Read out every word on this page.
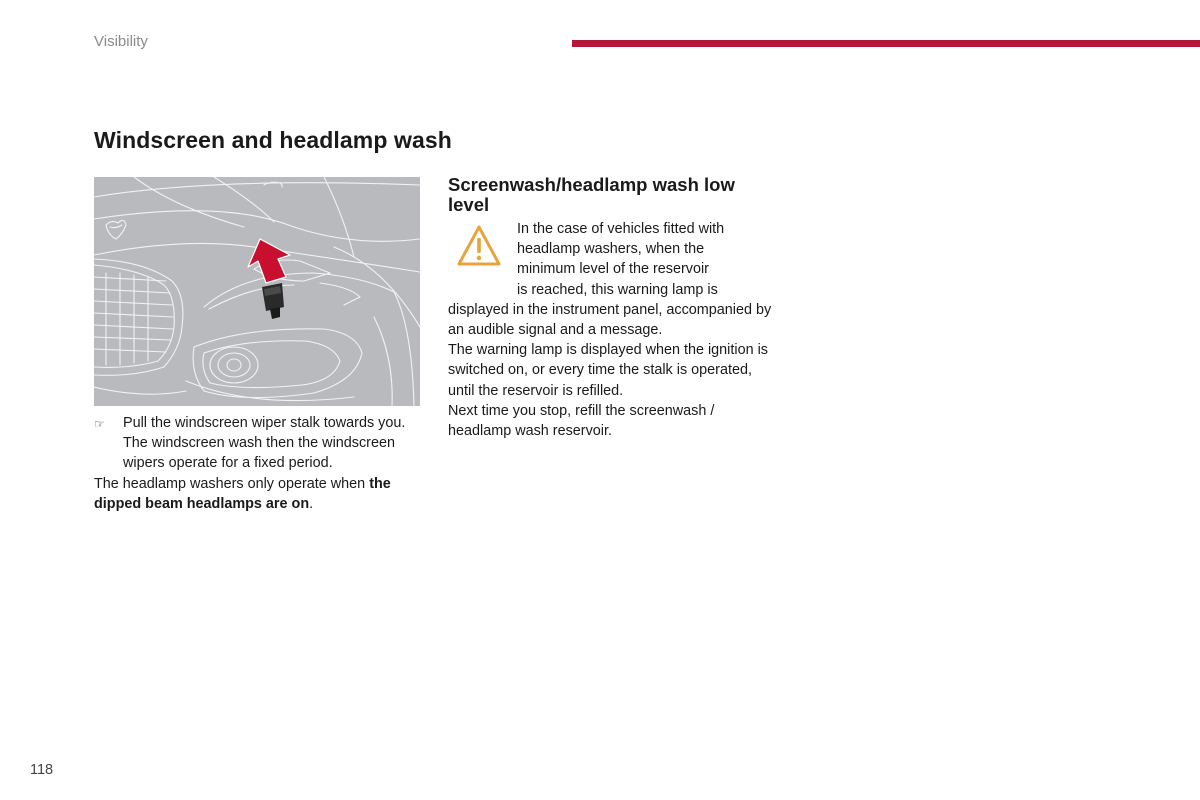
Visibility
Windscreen and headlamp wash
☞	Pull the windscreen wiper stalk towards you. The windscreen wash then the windscreen wipers operate for a fixed period.

The headlamp washers only operate when the dipped beam headlamps are on.

Screenwash/headlamp wash low level

In the case of vehicles fitted with

headlamp washers, when the

minimum level of the reservoir

is reached, this warning lamp is

displayed in the instrument panel, accompanied by an audible signal and a message.

The warning lamp is displayed when the ignition is switched on, or every time the stalk is operated, until the reservoir is refilled.

Next time you stop, refill the screenwash / headlamp wash reservoir.

118
